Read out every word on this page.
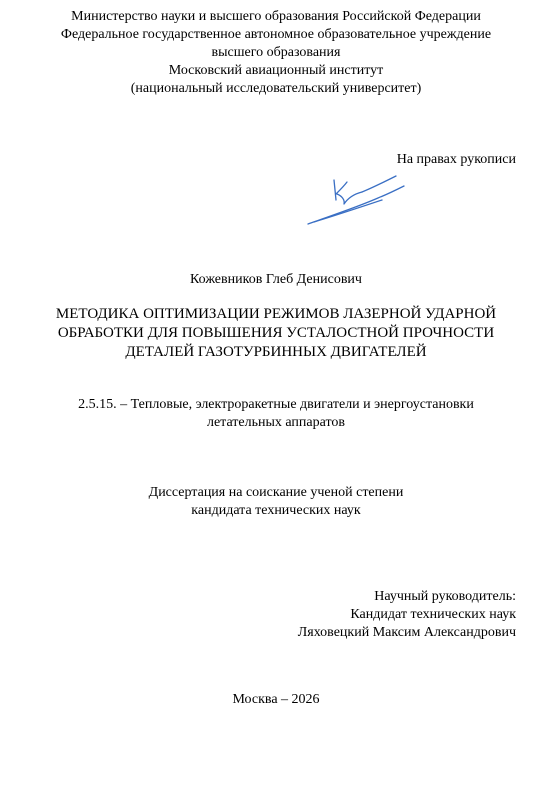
Министерство науки и высшего образования Российской Федерации
Федеральное государственное автономное образовательное учреждение
высшего образования
Московский авиационный институт
(национальный исследовательский университет)
На правах рукописи
Кожевников Глеб Денисович
МЕТОДИКА ОПТИМИЗАЦИИ РЕЖИМОВ ЛАЗЕРНОЙ УДАРНОЙ
ОБРАБОТКИ ДЛЯ ПОВЫШЕНИЯ УСТАЛОСТНОЙ ПРОЧНОСТИ
ДЕТАЛЕЙ ГАЗОТУРБИННЫХ ДВИГАТЕЛЕЙ
2.5.15. – Тепловые, электроракетные двигатели и энергоустановки
летательных аппаратов
Диссертация на соискание ученой степени
кандидата технических наук
Научный руководитель:
Кандидат технических наук
Ляховецкий Максим Александрович
Москва – 2026
